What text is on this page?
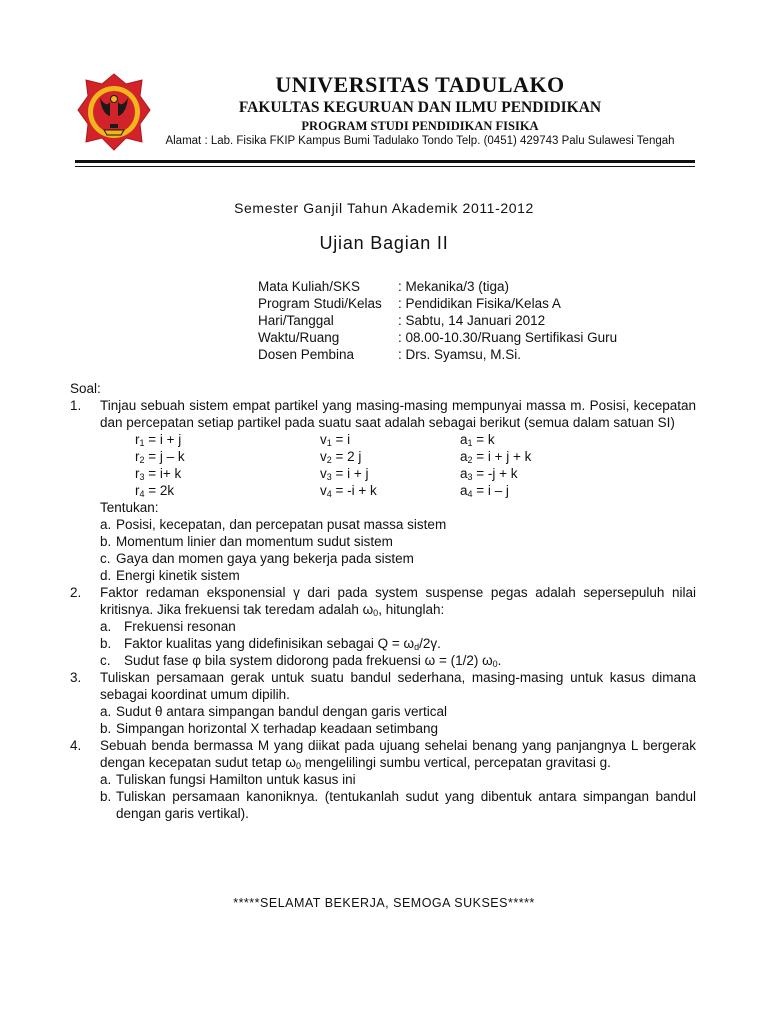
UNIVERSITAS TADULAKO
FAKULTAS KEGURUAN DAN ILMU PENDIDIKAN
PROGRAM STUDI PENDIDIKAN FISIKA
Alamat : Lab. Fisika FKIP Kampus Bumi Tadulako Tondo Telp. (0451) 429743 Palu Sulawesi Tengah
Semester Ganjil Tahun Akademik 2011-2012
Ujian Bagian II
Mata Kuliah/SKS	: Mekanika/3 (tiga)
Program Studi/Kelas	: Pendidikan Fisika/Kelas A
Hari/Tanggal	: Sabtu, 14 Januari 2012
Waktu/Ruang	: 08.00-10.30/Ruang Sertifikasi Guru
Dosen Pembina	: Drs. Syamsu, M.Si.
Soal:
1.	Tinjau sebuah sistem empat partikel yang masing-masing mempunyai massa m. Posisi, kecepatan dan percepatan setiap partikel pada suatu saat adalah sebagai berikut (semua dalam satuan SI)
$r_1 = i + j$	$v_1 = i$	$a_1 = k$
$r_2 = j - k$	$v_2 = 2$ j	$a_2 = i + j + k$
$r_3 = i+ k$	$v_3 = i + j$	$a_3 = -j + k$
$r_4 = 2k$	$v_4 = -i + k$	$a_4 = i - j$
Tentukan:
a. Posisi, kecepatan, dan percepatan pusat massa sistem
b. Momentum linier dan momentum sudut sistem
c. Gaya dan momen gaya yang bekerja pada sistem
d. Energi kinetik sistem
2.	Faktor redaman eksponensial γ dari pada system suspense pegas adalah sepersepuluh nilai kritisnya. Jika frekuensi tak teredam adalah $\omega_0$, hitunglah:
a. Frekuensi resonan
b. Faktor kualitas yang didefinisikan sebagai $Q = \omega_d/2\gamma$.
c. Sudut fase φ bila system didorong pada frekuensi ω = (1/2) $\omega_0$.
3.	Tuliskan persamaan gerak untuk suatu bandul sederhana, masing-masing untuk kasus dimana sebagai koordinat umum dipilih.
a. Sudut θ antara simpangan bandul dengan garis vertical
b. Simpangan horizontal X terhadap keadaan setimbang
4.	Sebuah benda bermassa M yang diikat pada ujuang sehelai benang yang panjangnya L bergerak dengan kecepatan sudut tetap $\omega_0$ mengelilingi sumbu vertical, percepatan gravitasi g.
a. Tuliskan fungsi Hamilton untuk kasus ini
b. Tuliskan persamaan kanoniknya. (tentukanlah sudut yang dibentuk antara simpangan bandul dengan garis vertikal).
*****SELAMAT BEKERJA, SEMOGA SUKSES*****
